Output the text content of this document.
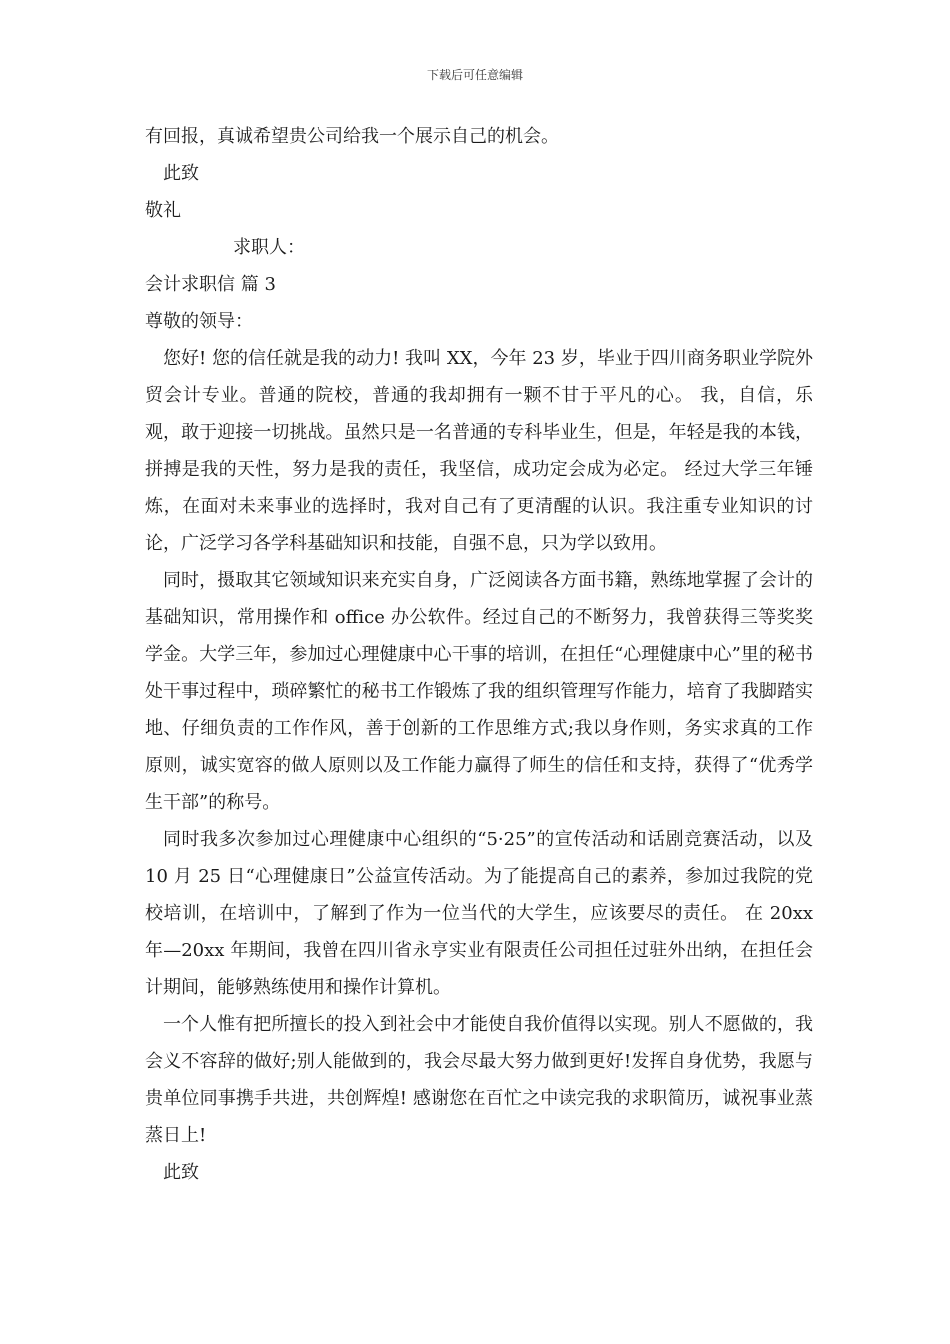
下载后可任意编辑
有回报，真诚希望贵公司给我一个展示自己的机会。
此致
敬礼
求职人：
会计求职信 篇 3
尊敬的领导：
您好! 您的信任就是我的动力! 我叫 XX，今年 23 岁，毕业于四川商务职业学院外贸会计专业。普通的院校，普通的我却拥有一颗不甘于平凡的心。 我，自信，乐观，敢于迎接一切挑战。虽然只是一名普通的专科毕业生，但是，年轻是我的本钱，拼搏是我的天性，努力是我的责任，我坚信，成功定会成为必定。 经过大学三年锤炼，在面对未来事业的选择时，我对自己有了更清醒的认识。我注重专业知识的讨论，广泛学习各学科基础知识和技能，自强不息，只为学以致用。
同时，摄取其它领域知识来充实自身，广泛阅读各方面书籍，熟练地掌握了会计的基础知识，常用操作和 office 办公软件。经过自己的不断努力，我曾获得三等奖奖学金。大学三年，参加过心理健康中心干事的培训，在担任“心理健康中心”里的秘书处干事过程中，琐碎繁忙的秘书工作锻炼了我的组织管理写作能力，培育了我脚踏实地、仔细负责的工作作风，善于创新的工作思维方式;我以身作则，务实求真的工作原则，诚实宽容的做人原则以及工作能力赢得了师生的信任和支持，获得了“优秀学生干部”的称号。
同时我多次参加过心理健康中心组织的“5·25”的宣传活动和话剧竞赛活动，以及 10 月 25 日“心理健康日”公益宣传活动。为了能提高自己的素养，参加过我院的党校培训，在培训中，了解到了作为一位当代的大学生，应该要尽的责任。 在 20xx 年—20xx 年期间，我曾在四川省永亨实业有限责任公司担任过驻外出纳，在担任会计期间，能够熟练使用和操作计算机。
一个人惟有把所擅长的投入到社会中才能使自我价值得以实现。别人不愿做的，我会义不容辞的做好;别人能做到的，我会尽最大努力做到更好!发挥自身优势，我愿与贵单位同事携手共进，共创辉煌! 感谢您在百忙之中读完我的求职简历，诚祝事业蒸蒸日上!
此致
